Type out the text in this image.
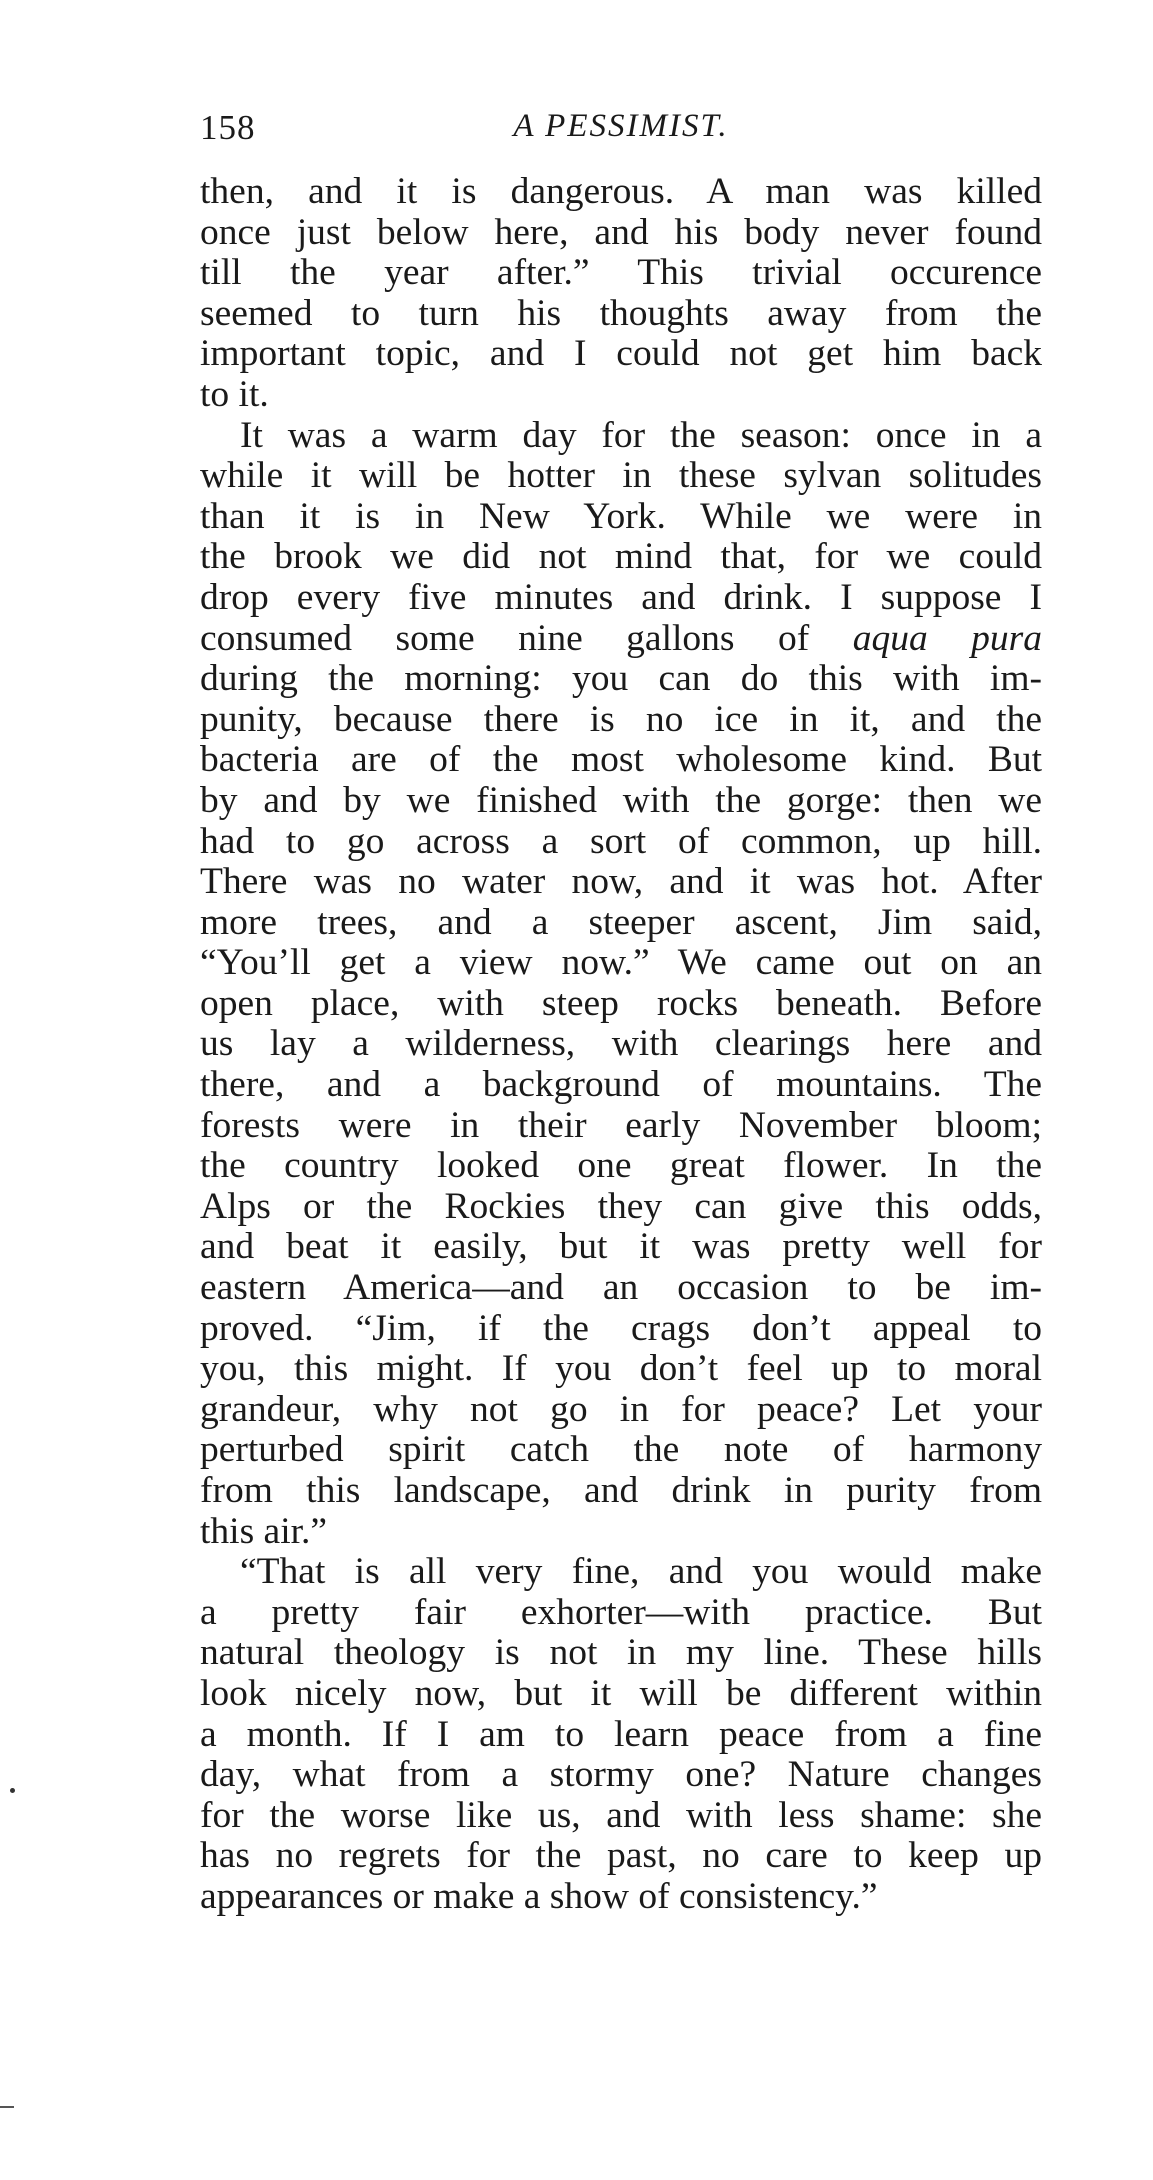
158	A PESSIMIST.
then, and it is dangerous. A man was killed
once just below here, and his body never found
till the year after.” This trivial occurence
seemed to turn his thoughts away from the
important topic, and I could not get him back
to it.
It was a warm day for the season: once in a
while it will be hotter in these sylvan solitudes
than it is in New York. While we were in
the brook we did not mind that, for we could
drop every five minutes and drink. I suppose I
consumed some nine gallons of aqua pura
during the morning: you can do this with im-
punity, because there is no ice in it, and the
bacteria are of the most wholesome kind. But
by and by we finished with the gorge: then we
had to go across a sort of common, up hill.
There was no water now, and it was hot. After
more trees, and a steeper ascent, Jim said,
“You’ll get a view now.” We came out on an
open place, with steep rocks beneath. Before
us lay a wilderness, with clearings here and
there, and a background of mountains. The
forests were in their early November bloom;
the country looked one great flower. In the
Alps or the Rockies they can give this odds,
and beat it easily, but it was pretty well for
eastern America—and an occasion to be im-
proved. “Jim, if the crags don’t appeal to
you, this might. If you don’t feel up to moral
grandeur, why not go in for peace? Let your
perturbed spirit catch the note of harmony
from this landscape, and drink in purity from
this air.”
“That is all very fine, and you would make
a pretty fair exhorter—with practice. But
natural theology is not in my line. These hills
look nicely now, but it will be different within
a month. If I am to learn peace from a fine
day, what from a stormy one? Nature changes
for the worse like us, and with less shame: she
has no regrets for the past, no care to keep up
appearances or make a show of consistency.”
